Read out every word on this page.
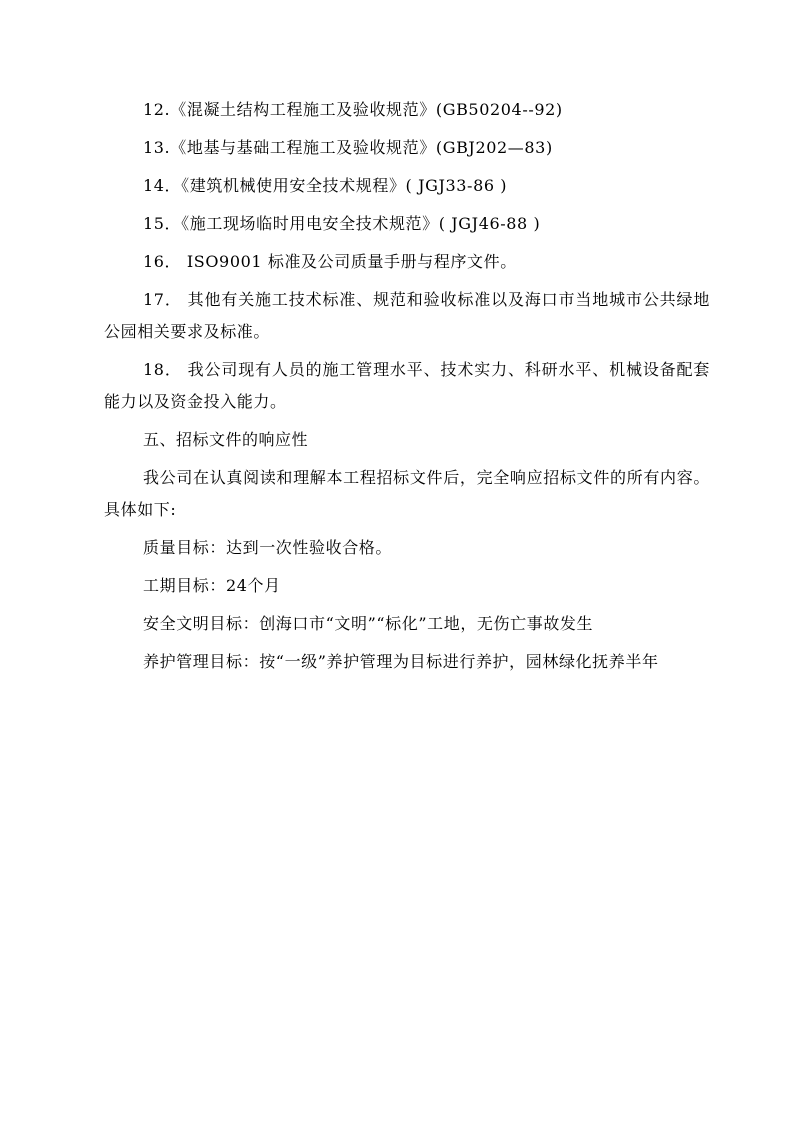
12.《混凝土结构工程施工及验收规范》(GB50204--92)

13.《地基与基础工程施工及验收规范》(GBJ202—83)

14．《建筑机械使用安全技术规程》( JGJ33-86 )

15．《施工现场临时用电安全技术规范》( JGJ46-88 )

16． ISO9001 标准及公司质量手册与程序文件。

17． 其他有关施工技术标准、规范和验收标准以及海口市当地城市公共绿地公园相关要求及标准。

18． 我公司现有人员的施工管理水平、技术实力、科研水平、机械设备配套能力以及资金投入能力。

五、招标文件的响应性

我公司在认真阅读和理解本工程招标文件后，完全响应招标文件的所有内容。具体如下:

质量目标：达到一次性验收合格。

工期目标：24个月

安全文明目标：创海口市“文明”“标化”工地，无伤亡事故发生

养护管理目标：按“一级”养护管理为目标进行养护，园林绿化抚养半年
